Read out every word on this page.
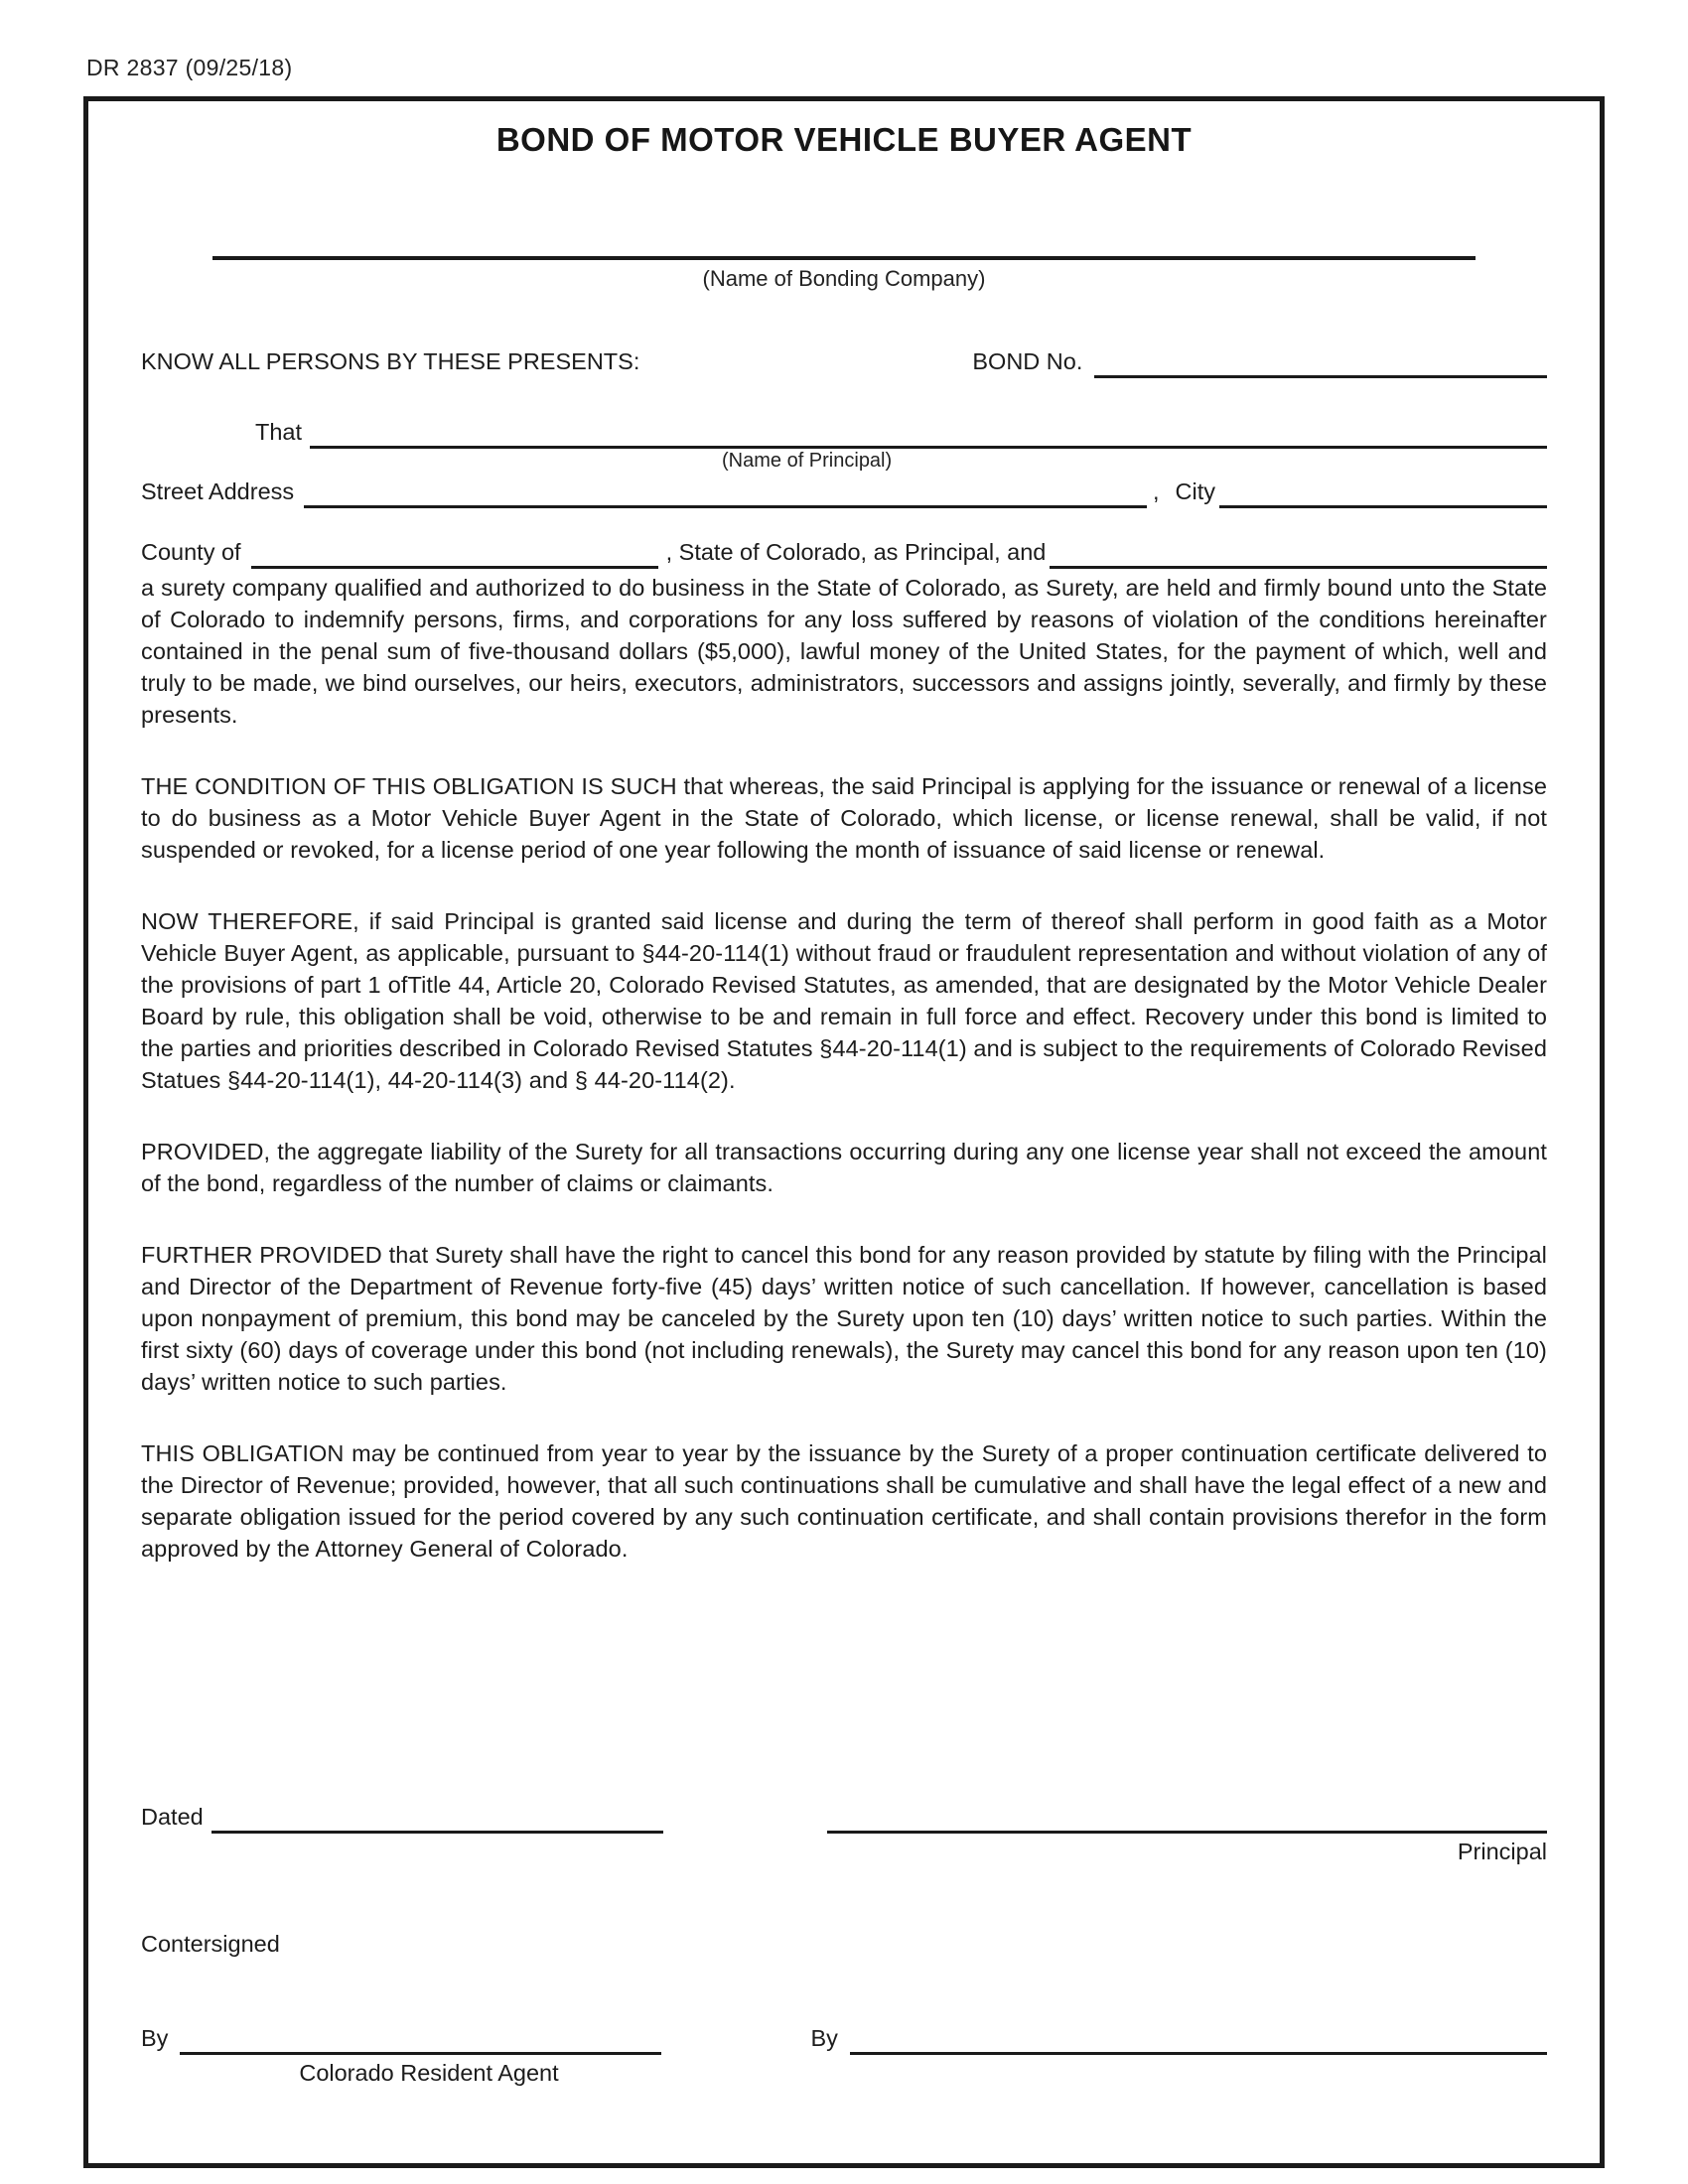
DR 2837 (09/25/18)
BOND OF MOTOR VEHICLE BUYER AGENT
(Name of Bonding Company)
KNOW ALL PERSONS BY THESE PRESENTS:	BOND No.
That
(Name of Principal)
Street Address	, City
County of	, State of Colorado, as Principal, and

a surety company qualified and authorized to do business in the State of Colorado, as Surety, are held and firmly bound unto the State of Colorado to indemnify persons, firms, and corporations for any loss suffered by reasons of violation of the conditions hereinafter contained in the penal sum of five-thousand dollars ($5,000), lawful money of the United States, for the payment of which, well and truly to be made, we bind ourselves, our heirs, executors, administrators, successors and assigns jointly, severally, and firmly by these presents.

THE CONDITION OF THIS OBLIGATION IS SUCH that whereas, the said Principal is applying for the issuance or renewal of a license to do business as a Motor Vehicle Buyer Agent in the State of Colorado, which license, or license renewal, shall be valid, if not suspended or revoked, for a license period of one year following the month of issuance of said license or renewal.

NOW THEREFORE, if said Principal is granted said license and during the term of thereof shall perform in good faith as a Motor Vehicle Buyer Agent, as applicable, pursuant to §44-20-114(1) without fraud or fraudulent representation and without violation of any of the provisions of part 1 ofTitle 44, Article 20, Colorado Revised Statutes, as amended, that are designated by the Motor Vehicle Dealer Board by rule, this obligation shall be void, otherwise to be and remain in full force and effect. Recovery under this bond is limited to the parties and priorities described in Colorado Revised Statutes §44-20-114(1) and is subject to the requirements of Colorado Revised Statues §44-20-114(1), 44-20-114(3) and § 44-20-114(2).

PROVIDED, the aggregate liability of the Surety for all transactions occurring during any one license year shall not exceed the amount of the bond, regardless of the number of claims or claimants.

FURTHER PROVIDED that Surety shall have the right to cancel this bond for any reason provided by statute by filing with the Principal and Director of the Department of Revenue forty-five (45) days’ written notice of such cancellation. If however, cancellation is based upon nonpayment of premium, this bond may be canceled by the Surety upon ten (10) days’ written notice to such parties. Within the first sixty (60) days of coverage under this bond (not including renewals), the Surety may cancel this bond for any reason upon ten (10) days’ written notice to such parties.

THIS OBLIGATION may be continued from year to year by the issuance by the Surety of a proper continuation certificate delivered to the Director of Revenue; provided, however, that all such continuations shall be cumulative and shall have the legal effect of a new and separate obligation issued for the period covered by any such continuation certificate, and shall contain provisions therefor in the form approved by the Attorney General of Colorado.

Dated
Principal
Contersigned
By	By
Colorado Resident Agent
